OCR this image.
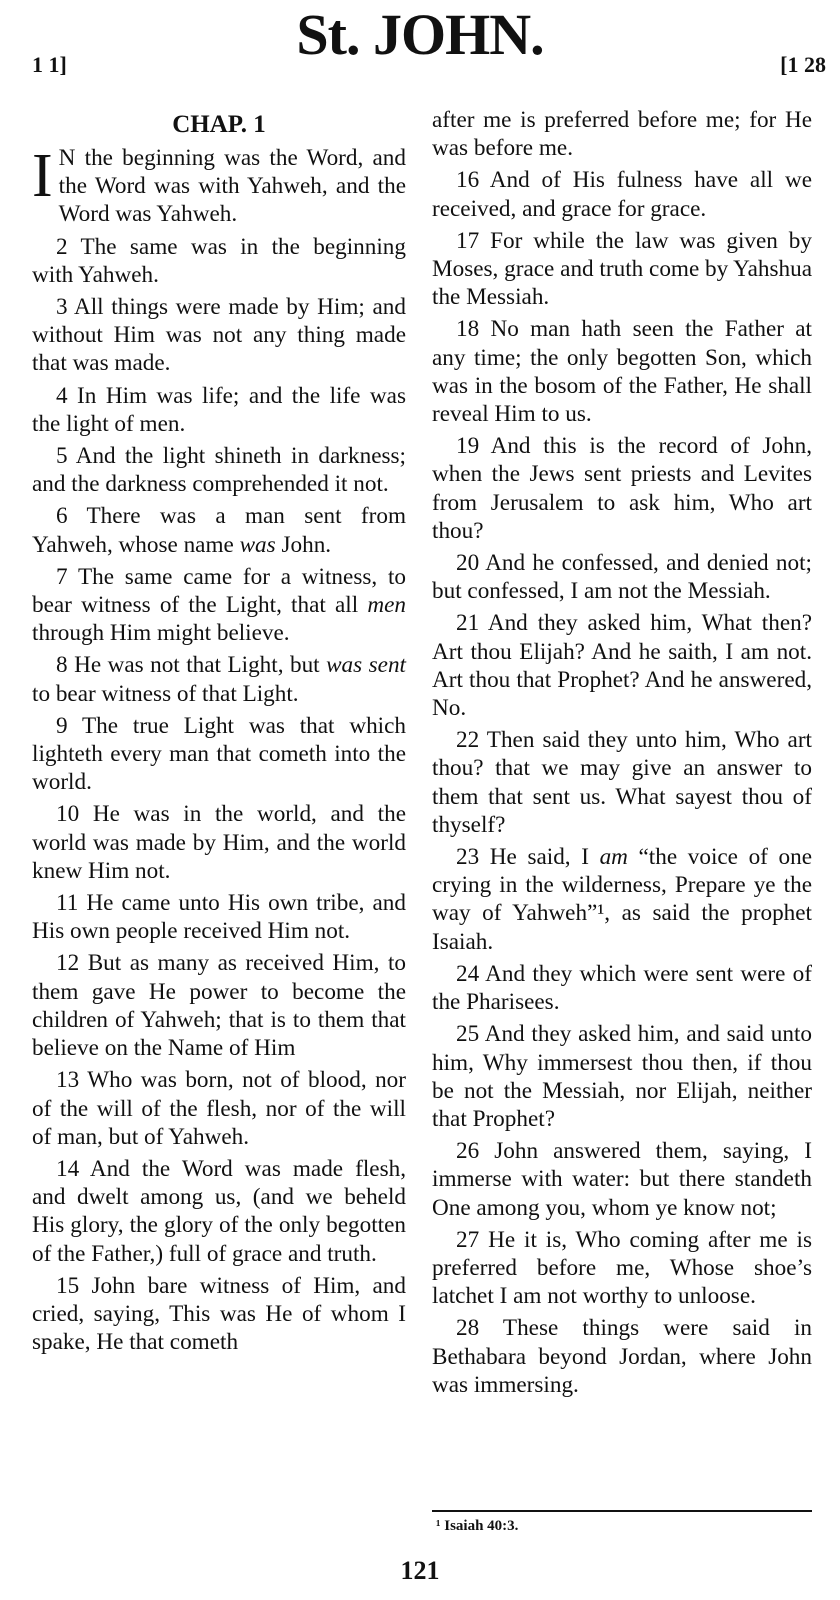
St. JOHN.
1 1]	[1 28
CHAP. 1

I N the beginning was the Word, and the Word was with Yahweh, and the Word was Yahweh.

2 The same was in the beginning with Yahweh.

3 All things were made by Him; and without Him was not any thing made that was made.

4 In Him was life; and the life was the light of men.

5 And the light shineth in darkness; and the darkness comprehended it not.

6 There was a man sent from Yahweh, whose name was John.

7 The same came for a witness, to bear witness of the Light, that all men through Him might believe.

8 He was not that Light, but was sent to bear witness of that Light.

9 The true Light was that which lighteth every man that cometh into the world.

10 He was in the world, and the world was made by Him, and the world knew Him not.

11 He came unto His own tribe, and His own people received Him not.

12 But as many as received Him, to them gave He power to become the children of Yahweh; that is to them that believe on the Name of Him

13 Who was born, not of blood, nor of the will of the flesh, nor of the will of man, but of Yahweh.

14 And the Word was made flesh, and dwelt among us, (and we beheld His glory, the glory of the only begotten of the Father,) full of grace and truth.

15 John bare witness of Him, and cried, saying, This was He of whom I spake, He that cometh

after me is preferred before me; for He was before me.

16 And of His fulness have all we received, and grace for grace.

17 For while the law was given by Moses, grace and truth come by Yahshua the Messiah.

18 No man hath seen the Father at any time; the only begotten Son, which was in the bosom of the Father, He shall reveal Him to us.

19 And this is the record of John, when the Jews sent priests and Levites from Jerusalem to ask him, Who art thou?

20 And he confessed, and denied not; but confessed, I am not the Messiah.

21 And they asked him, What then? Art thou Elijah? And he saith, I am not. Art thou that Prophet? And he answered, No.

22 Then said they unto him, Who art thou? that we may give an answer to them that sent us. What sayest thou of thyself?

23 He said, I am “the voice of one crying in the wilderness, Prepare ye the way of Yahweh”¹, as said the prophet Isaiah.

24 And they which were sent were of the Pharisees.

25 And they asked him, and said unto him, Why immersest thou then, if thou be not the Messiah, nor Elijah, neither that Prophet?

26 John answered them, saying, I immerse with water: but there standeth One among you, whom ye know not;

27 He it is, Who coming after me is preferred before me, Whose shoe’s latchet I am not worthy to unloose.

28 These things were said in Bethabara beyond Jordan, where John was immersing.

¹ Isaiah 40:3.
121
